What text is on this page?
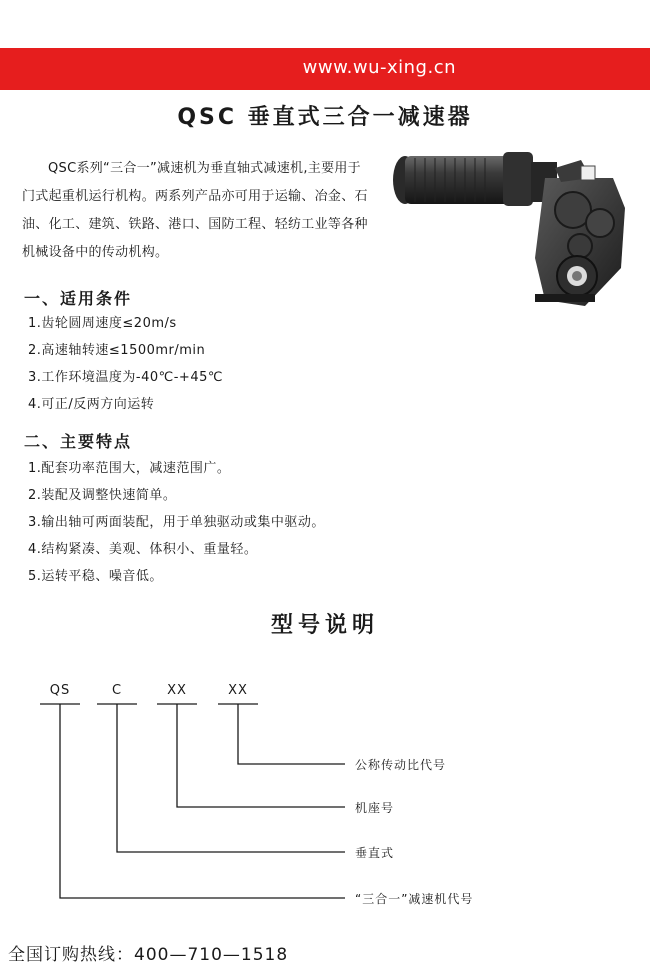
www.wu-xing.cn
QSC 垂直式三合一减速器

QSC系列“三合一”减速机为垂直轴式减速机,主要用于门式起重机运行机构。两系列产品亦可用于运输、冶金、石油、化工、建筑、铁路、港口、国防工程、轻纺工业等各种机械设备中的传动机构。

一、适用条件
1.齿轮圆周速度≤20m/s
2.高速轴转速≤1500mr/min
3.工作环境温度为-40℃-+45℃
4.可正/反两方向运转
二、主要特点
1.配套功率范围大，减速范围广。
2.装配及调整快速简单。
3.输出轴可两面装配，用于单独驱动或集中驱动。
4.结构紧凑、美观、体积小、重量轻。
5.运转平稳、噪音低。
型号说明
QS	C	XX	XX
公称传动比代号
机座号
垂直式
“三合一”减速机代号
全国订购热线：400—710—1518
